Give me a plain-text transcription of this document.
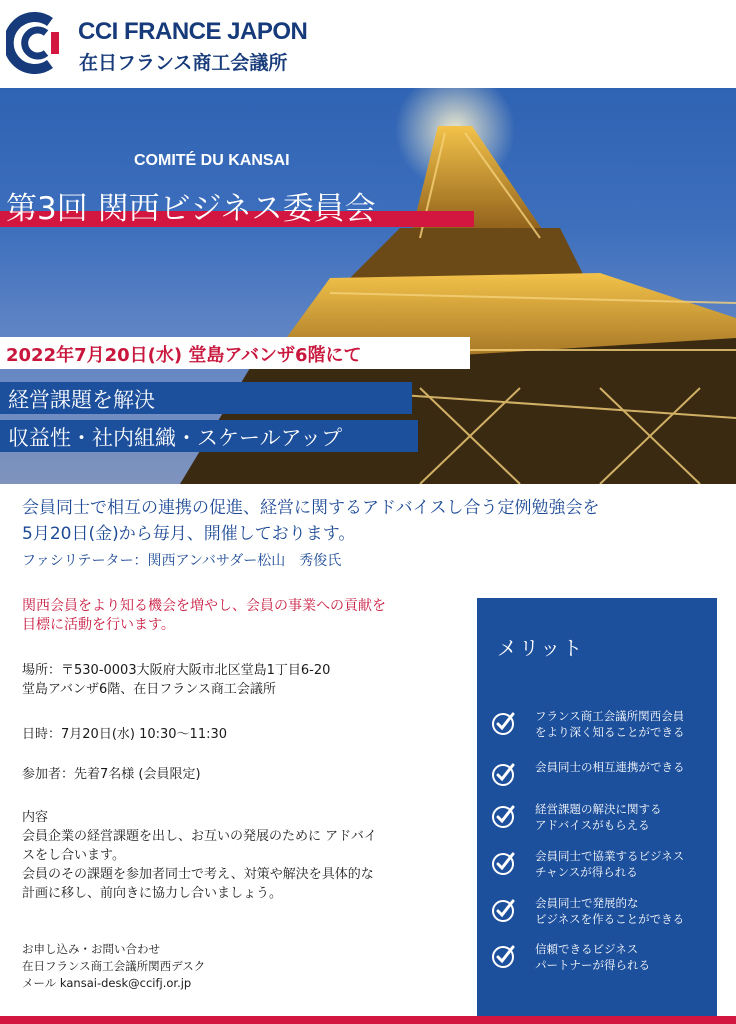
CCI FRANCE JAPON
在日フランス商工会議所
COMITÉ DU KANSAI
第3回 関西ビジネス委員会
2022年7月20日(水) 堂島アバンザ6階にて
経営課題を解決
収益性・社内組織・スケールアップ
会員同士で相互の連携の促進、経営に関するアドバイスし合う定例勉強会を
5月20日(金)から毎月、開催しております。
ファシリテーター：関西アンバサダー松山　秀俊氏
関西会員をより知る機会を増やし、会員の事業への貢献を
目標に活動を行います。
場所：〒530-0003大阪府大阪市北区堂島1丁目6-20
堂島アバンザ6階、在日フランス商工会議所
日時：7月20日(水) 10:30～11:30
参加者：先着7名様 (会員限定)
内容
会員企業の経営課題を出し、お互いの発展のために アドバイ
スをし合います。
会員のその課題を参加者同士で考え、対策や解決を具体的な
計画に移し、前向きに協力し合いましょう。
お申し込み・お問い合わせ
在日フランス商工会議所関西デスク
メール kansai-desk@ccifj.or.jp
メリット
フランス商工会議所関西会員
をより深く知ることができる
会員同士の相互連携ができる
経営課題の解決に関する
アドバイスがもらえる
会員同士で協業するビジネス
チャンスが得られる
会員同士で発展的な
ビジネスを作ることができる
信頼できるビジネス
パートナーが得られる
